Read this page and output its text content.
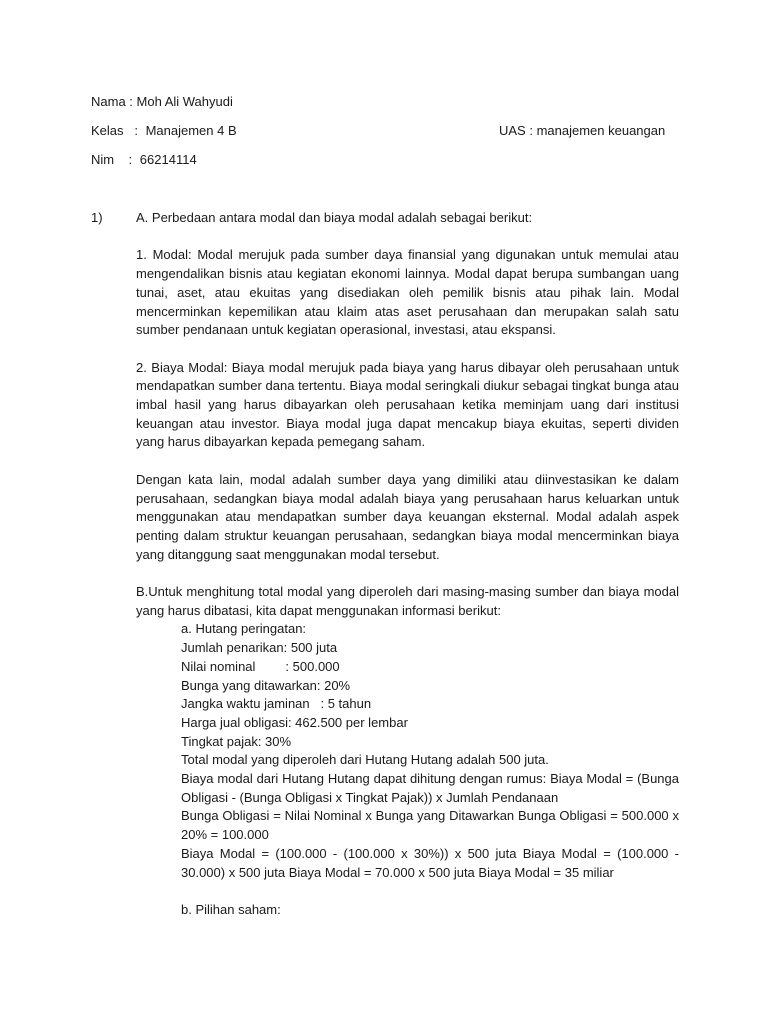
Nama : Moh Ali Wahyudi
Kelas   : Manajemen 4 B	UAS : manajemen keuangan
Nim    : 66214114
1)	A. Perbedaan antara modal dan biaya modal adalah sebagai berikut:

1. Modal: Modal merujuk pada sumber daya finansial yang digunakan untuk memulai atau mengendalikan bisnis atau kegiatan ekonomi lainnya. Modal dapat berupa sumbangan uang tunai, aset, atau ekuitas yang disediakan oleh pemilik bisnis atau pihak lain. Modal mencerminkan kepemilikan atau klaim atas aset perusahaan dan merupakan salah satu sumber pendanaan untuk kegiatan operasional, investasi, atau ekspansi.

2. Biaya Modal: Biaya modal merujuk pada biaya yang harus dibayar oleh perusahaan untuk mendapatkan sumber dana tertentu. Biaya modal seringkali diukur sebagai tingkat bunga atau imbal hasil yang harus dibayarkan oleh perusahaan ketika meminjam uang dari institusi keuangan atau investor. Biaya modal juga dapat mencakup biaya ekuitas, seperti dividen yang harus dibayarkan kepada pemegang saham.

Dengan kata lain, modal adalah sumber daya yang dimiliki atau diinvestasikan ke dalam perusahaan, sedangkan biaya modal adalah biaya yang perusahaan harus keluarkan untuk menggunakan atau mendapatkan sumber daya keuangan eksternal. Modal adalah aspek penting dalam struktur keuangan perusahaan, sedangkan biaya modal mencerminkan biaya yang ditanggung saat menggunakan modal tersebut.

B.Untuk menghitung total modal yang diperoleh dari masing-masing sumber dan biaya modal yang harus dibatasi, kita dapat menggunakan informasi berikut:

a. Hutang peringatan:

Jumlah penarikan: 500 juta

Nilai nominal : 500.000

Bunga yang ditawarkan: 20%

Jangka waktu jaminan   : 5 tahun

Harga jual obligasi: 462.500 per lembar

Tingkat pajak: 30%

Total modal yang diperoleh dari Hutang Hutang adalah 500 juta.

Biaya modal dari Hutang Hutang dapat dihitung dengan rumus: Biaya Modal = (Bunga Obligasi - (Bunga Obligasi x Tingkat Pajak)) x Jumlah Pendanaan

Bunga Obligasi = Nilai Nominal x Bunga yang Ditawarkan Bunga Obligasi = 500.000 x 20% = 100.000

Biaya Modal = (100.000 - (100.000 x 30%)) x 500 juta Biaya Modal = (100.000 - 30.000) x 500 juta Biaya Modal = 70.000 x 500 juta Biaya Modal = 35 miliar

b. Pilihan saham:
